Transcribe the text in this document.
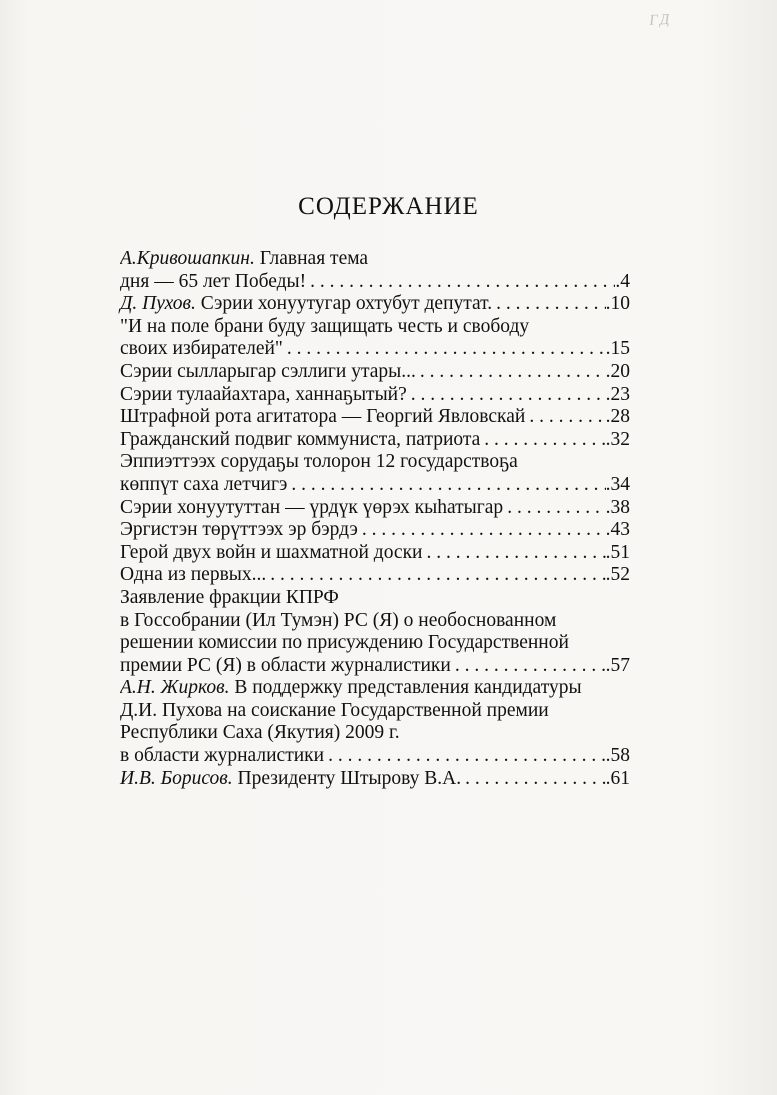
ГД
СОДЕРЖАНИЕ
А.Кривошапкин. Главная тема
дня — 65 лет Победы! . . .	.4
Д. Пухов. Сэрии хонуутугар охтубут депутат. . . .	.10
"И на поле брани буду защищать честь и свободу
своих избирателей" . . .	.15
Сэрии сылларыгар сэллиги утары... . . .	.20
Сэрии тулаайахтара, ханнаҕытый? . . .	.23
Штрафной рота агитатора — Георгий Явловскай . . .	.28
Гражданский подвиг коммуниста, патриота . . .	.32
Эппиэттээх сорудаҕы толорон 12 государствоҕа
көппүт саха летчигэ . . .	.34
Сэрии хонуутуттан — үрдүк үөрэх кыһатыгар . . .	.38
Эргистэн төрүттээх эр бэрдэ . . .	.43
Герой двух войн и шахматной доски . . .	.51
Одна из первых... . . .	.52
Заявление фракции КПРФ
в Госсобрании (Ил Тумэн) РС (Я) о необоснованном
решении комиссии по присуждению Государственной
премии РС (Я) в области журналистики . . .	.57
А.Н. Жирков. В поддержку представления кандидатуры
Д.И. Пухова на соискание Государственной премии
Республики Саха (Якутия) 2009 г.
в области журналистики . . .	.58
И.В. Борисов. Президенту Штырову В.А. . . .	.61
